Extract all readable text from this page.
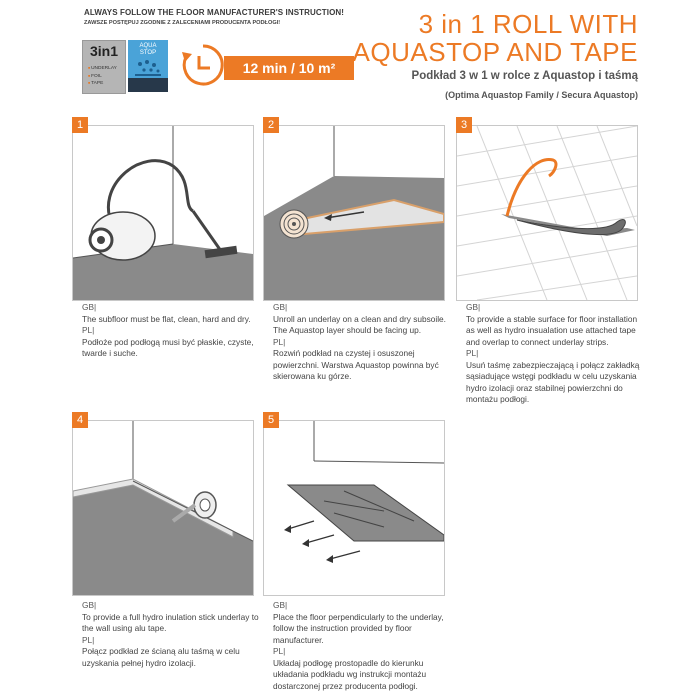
ALWAYS FOLLOW THE FLOOR MANUFACTURER'S INSTRUCTION!
ZAWSZE POSTĘPUJ ZGODNIE Z ZALECENIAMI PRODUCENTA PODŁOGI!
3in1
■ UNDERLAY
■ FOIL
■ TAPE
AQUA
STOP
12 min / 10 m²
3 in 1 ROLL WITH
AQUASTOP AND TAPE
Podkład 3 w 1 w rolce z Aquastop i taśmą
(Optima Aquastop Family / Secura Aquastop)
1

GB|

The subfloor must be flat, clean, hard and dry.

PL|

Podłoże pod podłogą musi być płaskie, czyste, twarde i suche.

2

GB|

Unroll an underlay on a clean and dry subsoile. The Aquastop layer should be facing up.

PL|

Rozwiń podkład na czystej i osuszonej powierzchni. Warstwa Aquastop powinna być skierowana ku górze.

3

GB|

To provide a stable surface for floor installation as well as hydro insualation use attached tape and overlap to connect underlay strips.

PL|

Usuń taśmę zabezpieczającą i połącz zakładką sąsiadujące wstęgi podkładu w celu uzyskania hydro izolacji oraz stabilnej powierzchni do montażu podłogi.

4

GB|

To provide a full hydro inulation stick underlay to the wall using alu tape.

PL|

Połącz podkład ze ścianą alu taśmą w celu uzyskania pełnej hydro izolacji.

5

GB|

Place the floor perpendicularly to the underlay, follow the instruction provided by floor manufacturer.

PL|

Układaj podłogę prostopadle do kierunku układania podkładu wg instrukcji montażu dostarczonej przez producenta podłogi.
